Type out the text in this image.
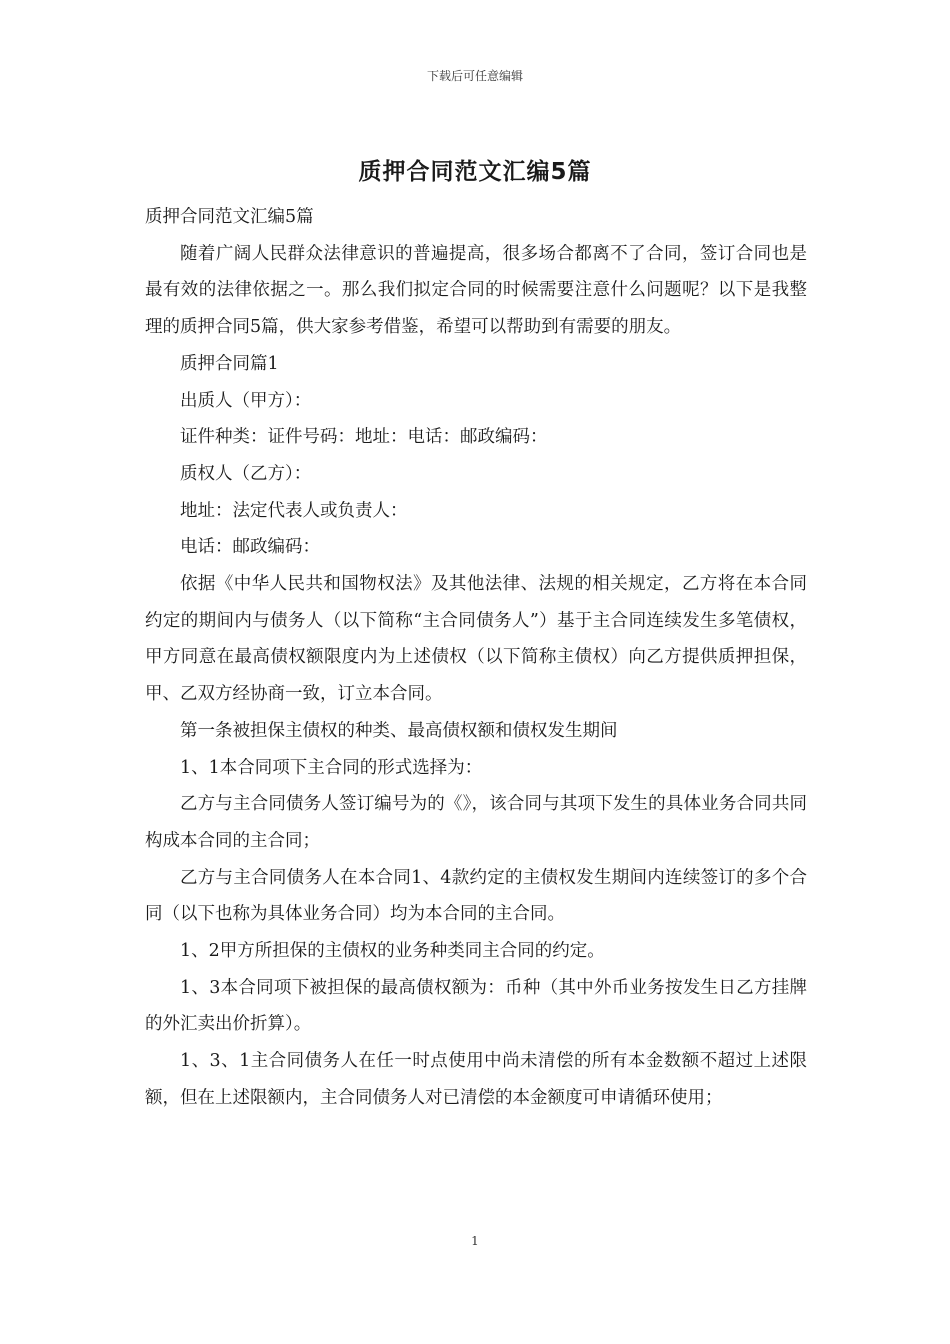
下载后可任意编辑
质押合同范文汇编5篇

质押合同范文汇编5篇

随着广阔人民群众法律意识的普遍提高，很多场合都离不了合同，签订合同也是最有效的法律依据之一。那么我们拟定合同的时候需要注意什么问题呢？以下是我整理的质押合同5篇，供大家参考借鉴，希望可以帮助到有需要的朋友。

质押合同篇1

出质人（甲方）：

证件种类：证件号码：地址：电话：邮政编码：

质权人（乙方）：

地址：法定代表人或负责人：

电话：邮政编码：

依据《中华人民共和国物权法》及其他法律、法规的相关规定，乙方将在本合同约定的期间内与债务人（以下简称“主合同债务人”）基于主合同连续发生多笔债权，甲方同意在最高债权额限度内为上述债权（以下简称主债权）向乙方提供质押担保，甲、乙双方经协商一致，订立本合同。

第一条被担保主债权的种类、最高债权额和债权发生期间

1、1本合同项下主合同的形式选择为：

乙方与主合同债务人签订编号为的《》，该合同与其项下发生的具体业务合同共同构成本合同的主合同；

乙方与主合同债务人在本合同1、4款约定的主债权发生期间内连续签订的多个合同（以下也称为具体业务合同）均为本合同的主合同。

1、2甲方所担保的主债权的业务种类同主合同的约定。

1、3本合同项下被担保的最高债权额为：币种（其中外币业务按发生日乙方挂牌的外汇卖出价折算）。

1、3、1主合同债务人在任一时点使用中尚未清偿的所有本金数额不超过上述限额，但在上述限额内，主合同债务人对已清偿的本金额度可申请循环使用；

1
